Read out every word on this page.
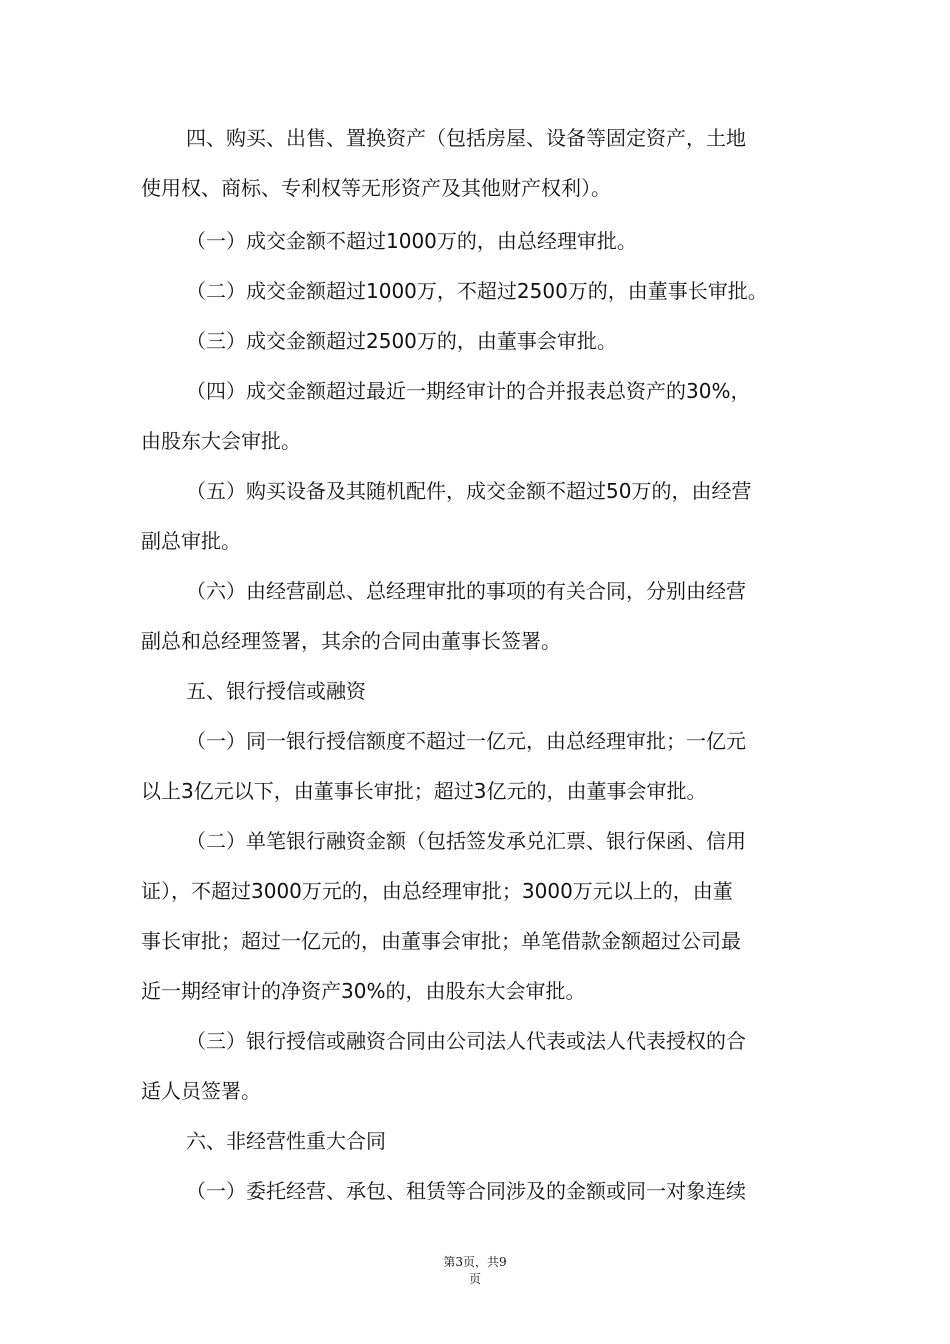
四、购买、出售、置换资产（包括房屋、设备等固定资产，土地
使用权、商标、专利权等无形资产及其他财产权利）。
（一）成交金额不超过1000万的，由总经理审批。
（二）成交金额超过1000万，不超过2500万的，由董事长审批。
（三）成交金额超过2500万的，由董事会审批。
（四）成交金额超过最近一期经审计的合并报表总资产的30%，
由股东大会审批。
（五）购买设备及其随机配件，成交金额不超过50万的，由经营
副总审批。
（六）由经营副总、总经理审批的事项的有关合同，分别由经营
副总和总经理签署，其余的合同由董事长签署。
五、银行授信或融资
（一）同一银行授信额度不超过一亿元，由总经理审批；一亿元
以上3亿元以下，由董事长审批；超过3亿元的，由董事会审批。
（二）单笔银行融资金额（包括签发承兑汇票、银行保函、信用
证），不超过3000万元的，由总经理审批；3000万元以上的，由董
事长审批；超过一亿元的，由董事会审批；单笔借款金额超过公司最
近一期经审计的净资产30%的，由股东大会审批。
（三）银行授信或融资合同由公司法人代表或法人代表授权的合
适人员签署。
六、非经营性重大合同
（一）委托经营、承包、租赁等合同涉及的金额或同一对象连续
第3页，共9
页
